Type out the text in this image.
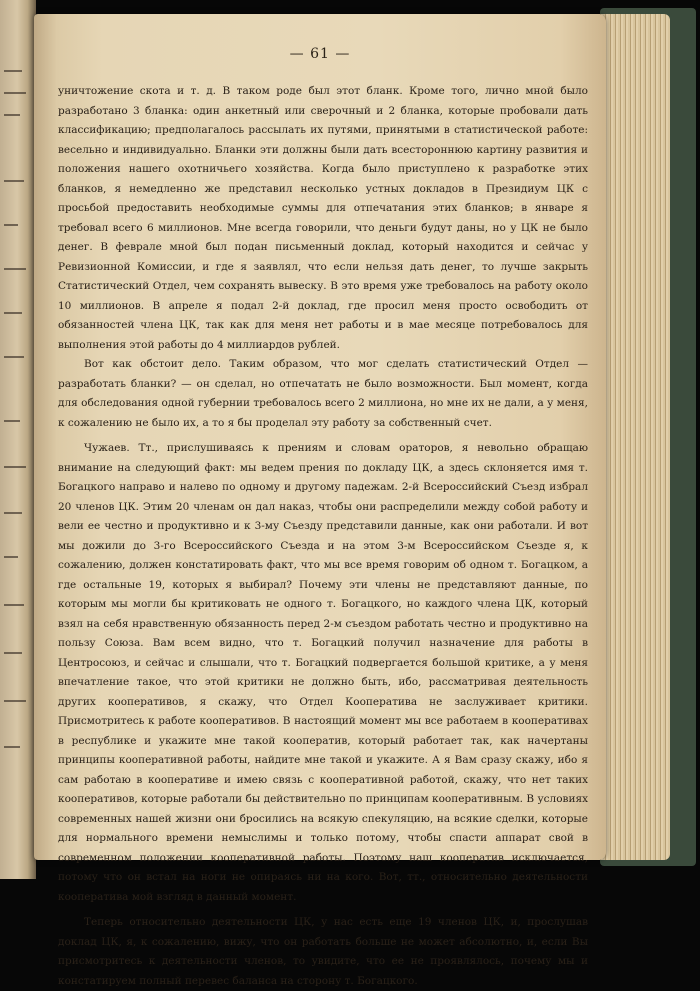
— 61 —

уничтожение скота и т. д. В таком роде был этот бланк. Кроме того, лично мной было разработано 3 бланка: один анкетный или сверочный и 2 бланка, которые пробовали дать классификацию; предполагалось рассылать их путями, принятыми в статистической работе: весельно и индивидуально. Бланки эти должны были дать всестороннюю картину развития и положения нашего охотничьего хозяйства. Когда было приступлено к разработке этих бланков, я немедленно же представил несколько устных докладов в Президиум ЦК с просьбой предоставить необходимые суммы для отпечатания этих бланков; в январе я требовал всего 6 миллионов. Мне всегда говорили, что деньги будут даны, но у ЦК не было денег. В феврале мной был подан письменный доклад, который находится и сейчас у Ревизионной Комиссии, и где я заявлял, что если нельзя дать денег, то лучше закрыть Статистический Отдел, чем сохранять вывеску. В это время уже требовалось на работу около 10 миллионов. В апреле я подал 2-й доклад, где просил меня просто освободить от обязанностей члена ЦК, так как для меня нет работы и в мае месяце потребовалось для выполнения этой работы до 4 миллиардов рублей.

Вот как обстоит дело. Таким образом, что мог сделать статистический Отдел — разработать бланки? — он сделал, но отпечатать не было возможности. Был момент, когда для обследования одной губернии требовалось всего 2 миллиона, но мне их не дали, а у меня, к сожалению не было их, а то я бы проделал эту работу за собственный счет.

Чужаев. Тт., прислушиваясь к прениям и словам ораторов, я невольно обращаю внимание на следующий факт: мы ведем прения по докладу ЦК, а здесь склоняется имя т. Богацкого направо и налево по одному и другому падежам. 2-й Всероссийский Съезд избрал 20 членов ЦК. Этим 20 членам он дал наказ, чтобы они распределили между собой работу и вели ее честно и продуктивно и к 3-му Съезду представили данные, как они работали. И вот мы дожили до 3-го Всероссийского Съезда и на этом 3-м Всероссийском Съезде я, к сожалению, должен констатировать факт, что мы все время говорим об одном т. Богацком, а где остальные 19, которых я выбирал? Почему эти члены не представляют данные, по которым мы могли бы критиковать не одного т. Богацкого, но каждого члена ЦК, который взял на себя нравственную обязанность перед 2-м съездом работать честно и продуктивно на пользу Союза. Вам всем видно, что т. Богацкий получил назначение для работы в Центросоюз, и сейчас и слышали, что т. Богацкий подвергается большой критике, а у меня впечатление такое, что этой критики не должно быть, ибо, рассматривая деятельность других кооперативов, я скажу, что Отдел Кооператива не заслуживает критики. Присмотритесь к работе кооперативов. В настоящий момент мы все работаем в кооперативах в республике и укажите мне такой кооператив, который работает так, как начертаны принципы кооперативной работы, найдите мне такой и укажите. А я Вам сразу скажу, ибо я сам работаю в кооперативе и имею связь с кооперативной работой, скажу, что нет таких кооперативов, которые работали бы действительно по принципам кооперативным. В условиях современных нашей жизни они бросились на всякую спекуляцию, на всякие сделки, которые для нормального времени немыслимы и только потому, чтобы спасти аппарат свой в современном положении кооперативной работы. Поэтому наш кооператив исключается, потому что он встал на ноги не опираясь ни на кого. Вот, тт., относительно деятельности кооператива мой взгляд в данный момент.

Теперь относительно деятельности ЦК, у нас есть еще 19 членов ЦК, и, прослушав доклад ЦК, я, к сожалению, вижу, что он работать больше не может абсолютно, и, если Вы присмотритесь к деятельности членов, то увидите, что ее не проявлялось, почему мы и констатируем полный перевес баланса на сторону т. Богацкого.
